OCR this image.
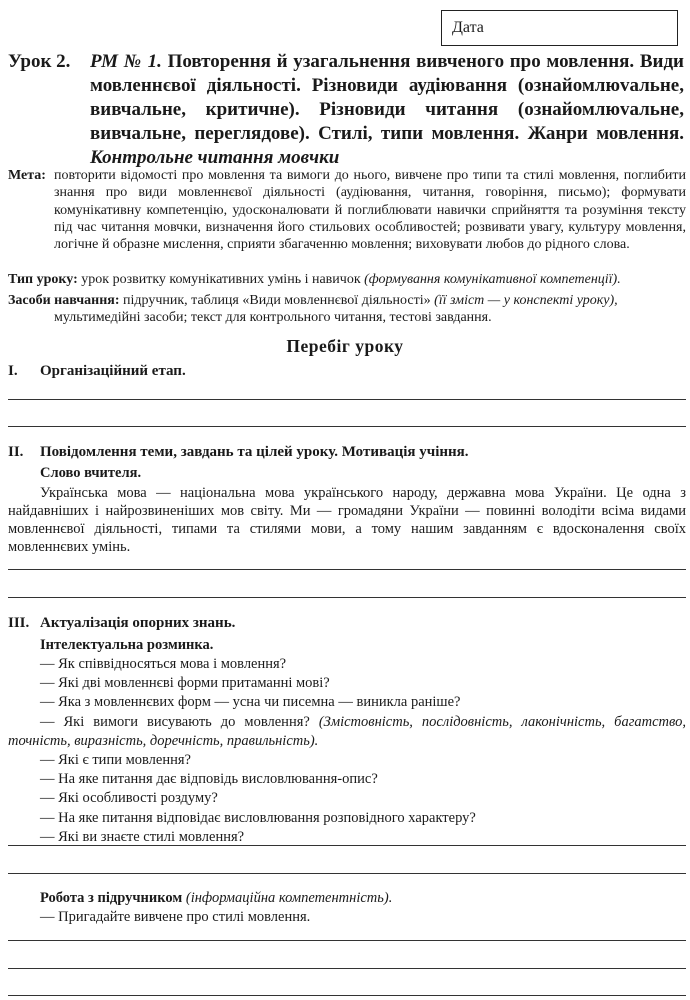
Дата
Урок 2.	РМ № 1. Повторення й узагальнення вивченого про мовлення. Види мовленнєвої діяльності. Різновиди аудіювання (ознайомлюvальне, вивчальне, критичне). Різновиди читання (ознайомлюvальне, вивчальне, переглядове). Стилі, типи мовлення. Жанри мовлення. Контрольне читання мовчки
Мета: повторити відомості про мовлення та вимоги до нього, вивчене про типи та стилі мовлення, поглибити знання про види мовленнєвої діяльності (аудіювання, читання, говоріння, письмо); формувати комунікативну компетенцію, удосконалювати й поглиблювати навички сприйняття та розуміння тексту під час читання мовчки, визначення його стильових особливостей; розвивати увагу, культуру мовлення, логічне й образне мислення, сприяти збагаченню мовлення; виховувати любов до рідного слова.
Тип уроку: урок розвитку комунікативних умінь і навичок (формування комунікативної компетенції).
Засоби навчання: підручник, таблиця «Види мовленнєвої діяльності» (її зміст — у конспекті уроку),
мультимедійні засоби; текст для контрольного читання, тестові завдання.
Перебіг уроку
I. Організаційний етап.
II. Повідомлення теми, завдань та цілей уроку. Мотивація учіння.
Слово вчителя.
Українська мова — національна мова українського народу, державна мова України. Це одна з найдавніших і найрозвиненіших мов світу. Ми — громадяни України — повинні володіти всіма видами мовленнєвої діяльності, типами та стилями мови, а тому нашим завданням є вдосконалення своїх мовленнєвих умінь.
III. Актуалізація опорних знань.
Інтелектуальна розминка.
— Як співвідносяться мова і мовлення?
— Які дві мовленнєві форми притаманні мові?
— Яка з мовленнєвих форм — усна чи писемна — виникла раніше?
— Які вимоги висувають до мовлення? (Змістовність, послідовність, лаконічність, багатство, точність, виразність, доречність, правильність).
— Які є типи мовлення?
— На яке питання дає відповідь висловлювання-опис?
— Які особливості роздуму?
— На яке питання відповідає висловлювання розповідного характеру?
— Які ви знаєте стилі мовлення?
Робота з підручником (інформаційна компетентність).
— Пригадайте вивчене про стилі мовлення.
